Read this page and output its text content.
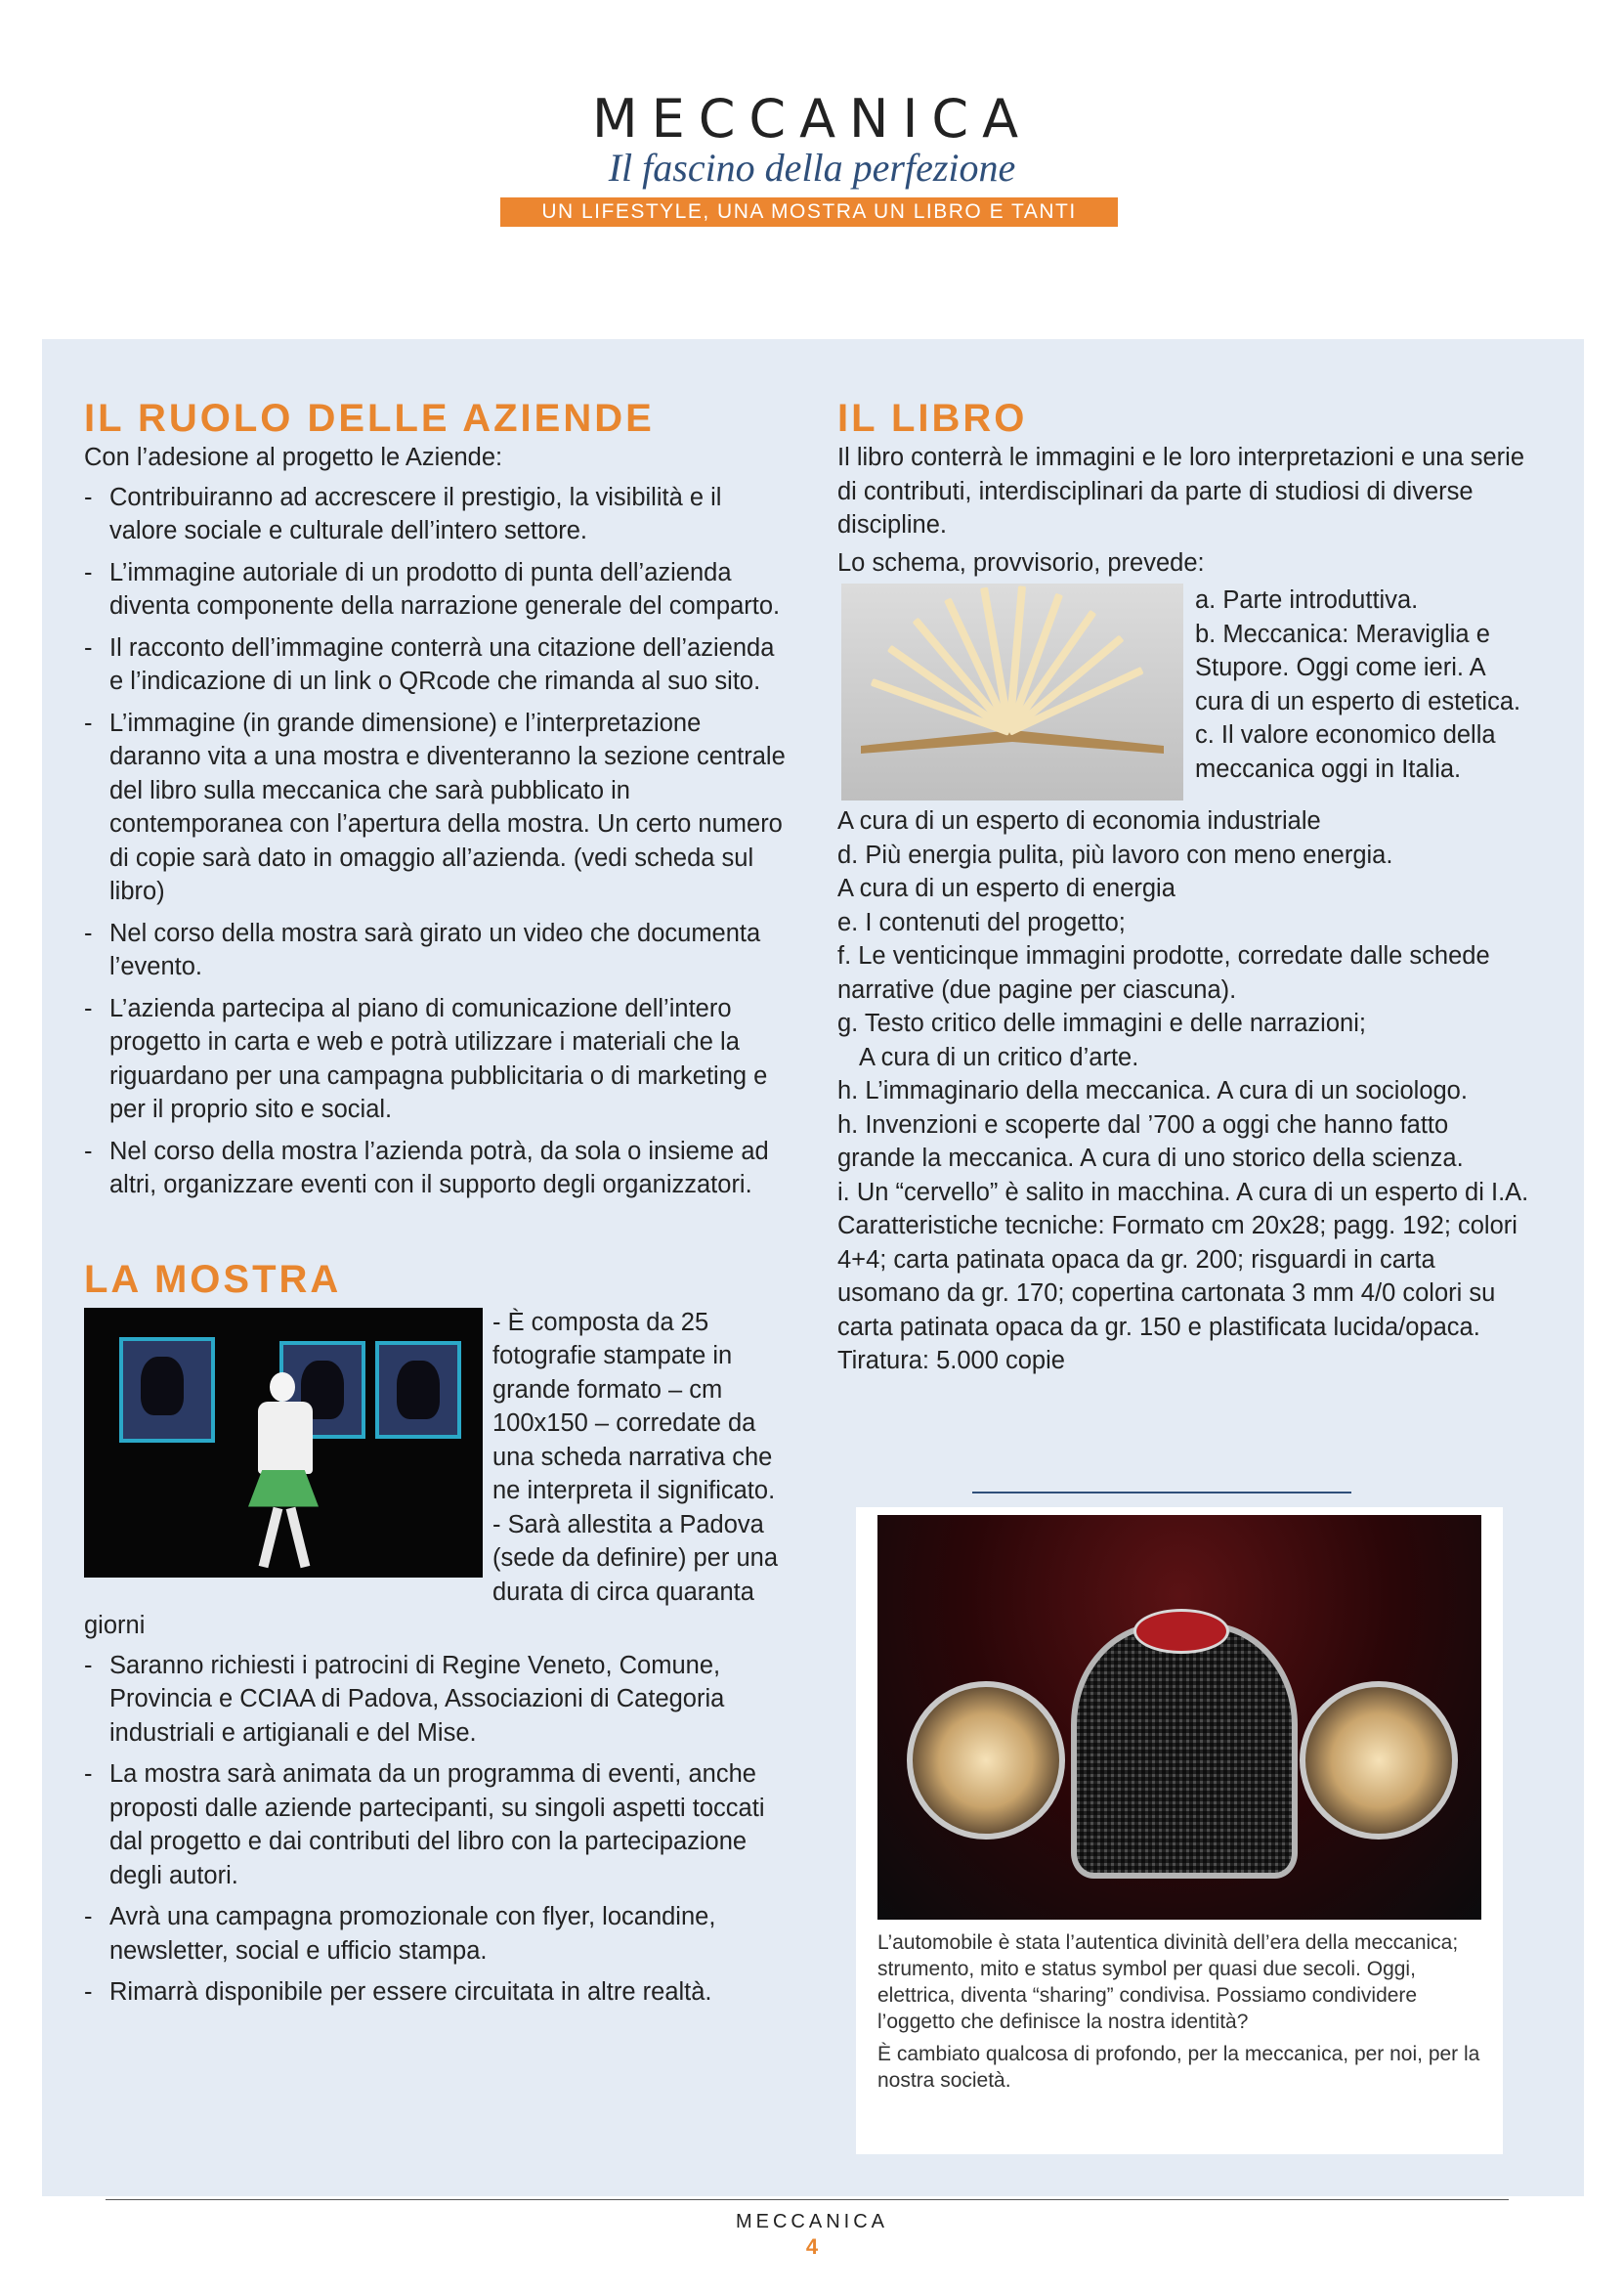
MECCANICA
Il fascino della perfezione
UN LIFESTYLE, UNA MOSTRA UN LIBRO E TANTI EVENTI
IL RUOLO DELLE AZIENDE

Con l’adesione al progetto le Aziende:

- Contribuiranno ad accrescere il prestigio, la visibilità e il valore sociale e culturale dell’intero settore.
- L’immagine autoriale di un prodotto di punta dell’azienda diventa componente della narrazione generale del comparto.
- Il racconto dell’immagine conterrà una citazione dell’azienda e l’indicazione di un link o QRcode che rimanda al suo sito.
- L’immagine (in grande dimensione) e l’interpretazione daranno vita a una mostra e diventeranno la sezione centrale del libro sulla meccanica che sarà pubblicato in contemporanea con l’apertura della mostra. Un certo numero di copie sarà dato in omaggio all’azienda. (vedi scheda sul libro)
- Nel corso della mostra sarà girato un video che documenta l’evento.
- L’azienda partecipa al piano di comunicazione dell’intero progetto in carta e web e potrà utilizzare i materiali che la riguardano per una campagna pubblicitaria o di marketing e per il proprio sito e social.
- Nel corso della mostra l’azienda potrà, da sola o insieme ad altri, organizzare eventi con il supporto degli organizzatori.
LA MOSTRA
- È composta da 25 fotografie stampate in grande formato – cm 100x150 – corredate da una scheda narrativa che ne interpreta il significato.
- Sarà allestita a Padova (sede da definire) per una durata di circa quaranta giorni
- Saranno richiesti i patrocini di Regine Veneto, Comune, Provincia e CCIAA di Padova, Associazioni di Categoria industriali e artigianali e del Mise.
- La mostra sarà animata da un programma di eventi, anche proposti dalle aziende partecipanti, su singoli aspetti toccati dal progetto e dai contributi del libro con la partecipazione degli autori.
- Avrà una campagna promozionale con flyer, locandine, newsletter, social e ufficio stampa.
- Rimarrà disponibile per essere circuitata in altre realtà.
IL LIBRO

Il libro conterrà le immagini e le loro interpretazioni e una serie di contributi, interdisciplinari da parte di studiosi di diverse discipline.

Lo schema, provvisorio, prevede:

a. Parte introduttiva.
b. Meccanica: Meraviglia e Stupore. Oggi come ieri. A cura di un esperto di estetica.
c. Il valore economico della meccanica oggi in Italia.
A cura di un esperto di economia industriale
d. Più energia pulita, più lavoro con meno energia.
A cura di un esperto di energia
e. I contenuti del progetto;
f. Le venticinque immagini prodotte, corredate dalle schede narrative (due pagine per ciascuna).
g. Testo critico delle immagini e delle narrazioni;
A cura di un critico d’arte.
h. L’immaginario della meccanica. A cura di un sociologo.
h. Invenzioni e scoperte dal ’700 a oggi che hanno fatto grande la meccanica. A cura di uno storico della scienza.
i. Un “cervello” è salito in macchina. A cura di un esperto di I.A.

Caratteristiche tecniche: Formato cm 20x28; pagg. 192; colori 4+4; carta patinata opaca da gr. 200; risguardi in carta usomano da gr. 170; copertina cartonata 3 mm 4/0 colori su carta patinata opaca da gr. 150 e plastificata lucida/opaca. Tiratura: 5.000 copie

L’automobile è stata l’autentica divinità dell’era della meccanica; strumento, mito e status symbol per quasi due secoli. Oggi, elettrica, diventa “sharing” condivisa. Possiamo condividere l’oggetto che definisce la nostra identità?

È cambiato qualcosa di profondo, per la meccanica, per noi, per la nostra società.

MECCANICA
4
